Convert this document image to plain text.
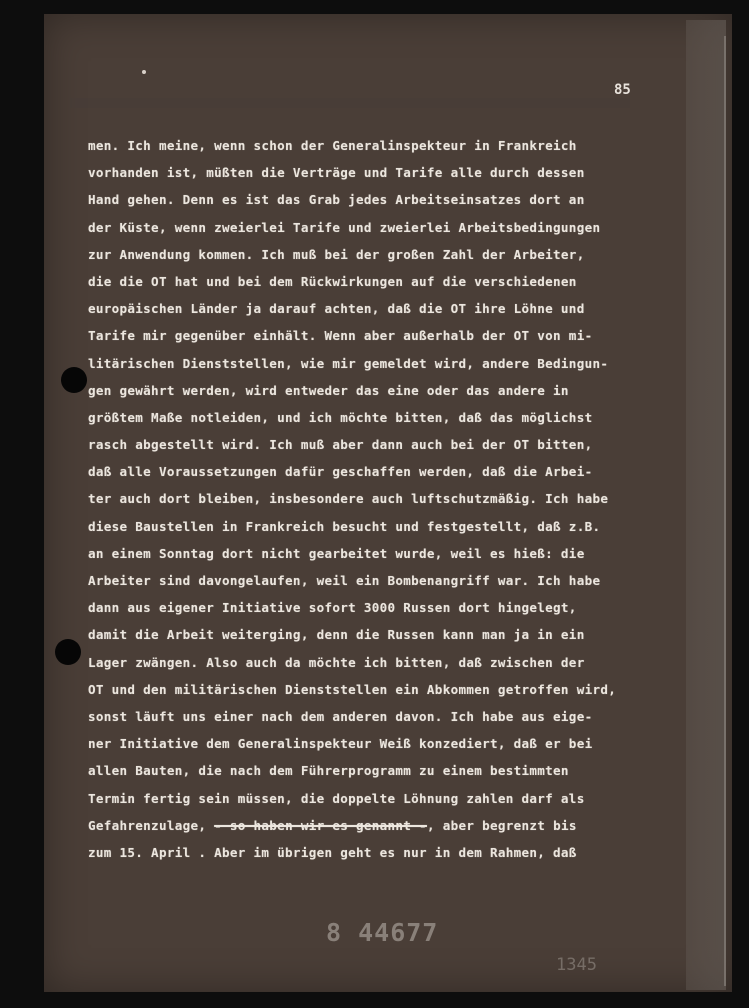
85
men. Ich meine, wenn schon der Generalinspekteur in Frankreich
vorhanden ist, müßten die Verträge und Tarife alle durch dessen
Hand gehen. Denn es ist das Grab jedes Arbeitseinsatzes dort an
der Küste, wenn zweierlei Tarife und zweierlei Arbeitsbedingungen
zur Anwendung kommen. Ich muß bei der großen Zahl der Arbeiter,
die die OT hat und bei dem Rückwirkungen auf die verschiedenen
europäischen Länder ja darauf achten, daß die OT ihre Löhne und
Tarife mir gegenüber einhält. Wenn aber außerhalb der OT von mi-
litärischen Dienststellen, wie mir gemeldet wird, andere Bedingun-
gen gewährt werden, wird entweder das eine oder das andere in
größtem Maße notleiden, und ich möchte bitten, daß das möglichst
rasch abgestellt wird. Ich muß aber dann auch bei der OT bitten,
daß alle Voraussetzungen dafür geschaffen werden, daß die Arbei-
ter auch dort bleiben, insbesondere auch luftschutzmäßig. Ich habe
diese Baustellen in Frankreich besucht und festgestellt, daß z.B.
an einem Sonntag dort nicht gearbeitet wurde, weil es hieß: die
Arbeiter sind davongelaufen, weil ein Bombenangriff war. Ich habe
dann aus eigener Initiative sofort 3000 Russen dort hingelegt,
damit die Arbeit weiterging, denn die Russen kann man ja in ein
Lager zwängen. Also auch da möchte ich bitten, daß zwischen der
OT und den militärischen Dienststellen ein Abkommen getroffen wird,
sonst läuft uns einer nach dem anderen davon. Ich habe aus eige-
ner Initiative dem Generalinspekteur Weiß konzediert, daß er bei
allen Bauten, die nach dem Führerprogramm zu einem bestimmten
Termin fertig sein müssen, die doppelte Löhnung zahlen darf als
Gefahrenzulage, - so haben wir es genannt -, aber begrenzt bis
zum 15. April . Aber im übrigen geht es nur in dem Rahmen, daß
8 44677
1345
